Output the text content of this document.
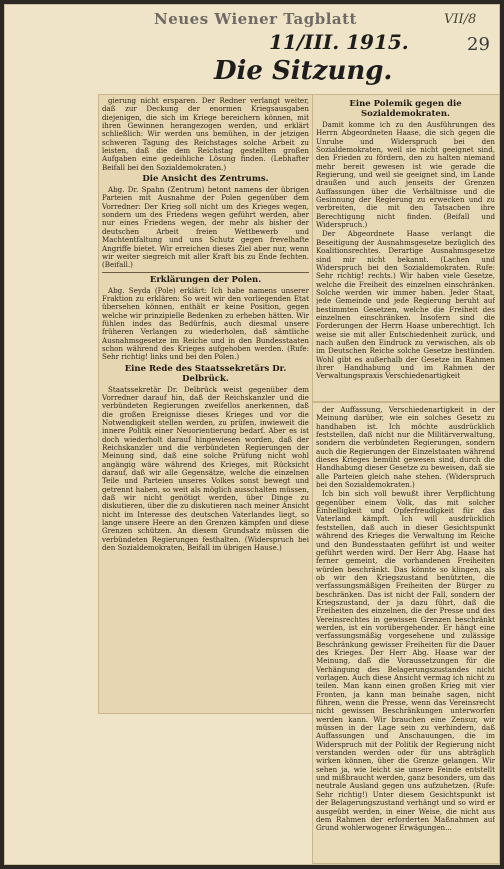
Neues Wiener Tagblatt	VII/8
11/III. 1915.	29
Die Sitzung.

gierung nicht ersparen. Der Redner verlangt weiter, daß zur Deckung der enormen Kriegsausgaben diejenigen, die sich im Kriege bereichern können, mit ihren Gewinnen herangezogen werden, und erklärt schließlich: Wir werden uns bemühen, in der jetzigen schweren Tagung des Reichstages solche Arbeit zu leisten, daß die dem Reichstag gestellten großen Aufgaben eine gedeihliche Lösung finden. (Lebhafter Beifall bei den Sozialdemokraten.)

Die Ansicht des Zentrums.

Abg. Dr. Spahn (Zentrum) betont namens der übrigen Parteien mit Ausnahme der Polen gegenüber dem Vorredner: Der Krieg soll nicht um des Krieges wegen, sondern um des Friedens wegen geführt werden, aber nur eines Friedens wegen, der mehr als bisher der deutschen Arbeit freien Wettbewerb und Machtentfaltung und uns Schutz gegen frevelhafte Angriffe bietet. Wir erreichen dieses Ziel aber nur, wenn wir weiter siegreich mit aller Kraft bis zu Ende fechten. (Beifall.)

Erklärungen der Polen.

Abg. Seyda (Pole) erklärt: Ich habe namens unserer Fraktion zu erklären: So weit wir den vorliegenden Etat übersehen können, enthält er keine Position, gegen welche wir prinzipielle Bedenken zu erheben hätten. Wir fühlen indes das Bedürfnis, auch diesmal unsere früheren Verlangen zu wiederholen, daß sämtliche Ausnahmsgesetze im Reiche und in den Bundesstaaten schon während des Krieges aufgehoben werden. (Rufe: Sehr richtig! links und bei den Polen.)

Eine Rede des Staatssekretärs Dr. Delbrück.

Staatssekretär Dr. Delbrück weist gegenüber dem Vorredner darauf hin, daß der Reichskanzler und die verbündeten Regierungen zweifellos anerkennen, daß die großen Ereignisse dieses Krieges und vor die Notwendigkeit stellen werden, zu prüfen, inwieweit die innere Politik einer Neuorientierung bedarf. Aber es ist doch wiederholt darauf hingewiesen worden, daß der Reichskanzler und die verbündeten Regierungen der Meinung sind, daß eine solche Prüfung nicht wohl angängig wäre während des Krieges, mit Rücksicht darauf, daß wir alle Gegensätze, welche die einzelnen Teile und Parteien unseres Volkes sonst bewegt und getrennt haben, so weit als möglich ausschalten müssen, daß wir nicht genötigt werden, über Dinge zu diskutieren, über die zu diskutieren nach meiner Ansicht nicht im Interesse des deutschen Vaterlandes liegt, so lange unsere Heere an den Grenzen kämpfen und diese Grenzen schützen. An diesem Grundsatz müssen die verbündeten Regierungen festhalten. (Widerspruch bei den Sozialdemokraten, Beifall im übrigen Hause.)

Eine Polemik gegen die Sozialdemokraten.

Damit komme ich zu den Ausführungen des Herrn Abgeordneten Haase, die sich gegen die Unruhe und Widerspruch bei den Sozialdemokraten, weil sie nicht geeignet sind, den Frieden zu fördern, den zu halten niemand mehr bereit gewesen ist wie gerade die Regierung, und weil sie geeignet sind, im Lande draußen und auch jenseits der Grenzen Auffassungen über die Verhältnisse und die Gesinnung der Regierung zu erwecken und zu verbreiten, die mit den Tatsachen ihre Berechtigung nicht finden. (Beifall und Widerspruch.)

Der Abgeordnete Haase verlangt die Beseitigung der Ausnahmsgesetze bezüglich des Koalitionsrechtes. Derartige Ausnahmsgesetze sind mir nicht bekannt. (Lachen und Widerspruch bei den Sozialdemokraten. Rufe: Sehr richtig! rechts.) Wir haben viele Gesetze, welche die Freiheit des einzelnen einschränken. Solche werden wir immer haben. Jeder Staat, jede Gemeinde und jede Regierung beruht auf bestimmten Gesetzen, welche die Freiheit des einzelnen einschränken. Insofern sind die Forderungen der Herrn Haase unberechtigt. Ich weise sie mit aller Entschiedenheit zurück, und nach außen den Eindruck zu verwischen, als ob im Deutschen Reiche solche Gesetze bestünden. Wohl gibt es außerhalb der Gesetze im Rahmen ihrer Handhabung und im Rahmen der Verwaltungspraxis Verschiedenartigkeit

der Auffassung, Verschiedenartigkeit in der Meinung darüber, wie ein solches Gesetz zu handhaben ist. Ich möchte ausdrücklich feststellen, daß nicht nur die Militärverwaltung, sondern die verbündeten Regierungen, sondern auch die Regierungen der Einzelstaaten während dieses Krieges bemüht gewesen sind, durch die Handhabung dieser Gesetze zu beweisen, daß sie alle Parteien gleich nahe stehen. (Widerspruch bei den Sozialdemokraten.)

Ich bin sich voll bewußt ihrer Verpflichtung gegenüber einem Volk, das mit solcher Einhelligkeit und Opferfreudigkeit für das Vaterland kämpft. Ich will ausdrücklich feststellen, daß auch in dieser Gesichtspunkt während des Krieges die Verwaltung im Reiche und den Bundesstaaten geführt ist und weiter geführt werden wird. Der Herr Abg. Haase hat ferner gemeint, die vorhandenen Freiheiten würden beschränkt. Das könnte so klingen, als ob wir den Kriegszustand benützten, die verfassungsmäßigen Freiheiten der Bürger zu beschränken. Das ist nicht der Fall, sondern der Kriegszustand, der ja dazu führt, daß die Freiheiten des einzelnen, die der Presse und des Vereinsrechtes in gewissen Grenzen beschränkt werden, ist ein vorübergehender. Er hängt eine verfassungsmäßig vorgesehene und zulässige Beschränkung gewisser Freiheiten für die Dauer des Krieges. Der Herr Abg. Haase war der Meinung, daß die Voraussetzungen für die Verhängung des Belagerungszustandes nicht vorlagen. Auch diese Ansicht vermag ich nicht zu teilen. Man kann einen großen Krieg mit vier Fronten, ja kann man beinahe sagen, nicht führen, wenn die Presse, wenn das Vereinsrecht nicht gewissen Beschränkungen unterworfen werden kann. Wir brauchen eine Zensur, wir müssen in der Lage sein zu verhindern, daß Auffassungen und Anschauungen, die im Widerspruch mit der Politik der Regierung nicht verstanden werden oder für uns abträglich wirken können, über die Grenze gelangen. Wir sehen ja, wie leicht sie unsere Feinde entstellt und mißbraucht werden, ganz besonders, um das neutrale Ausland gegen uns aufzuhetzen. (Rufe: Sehr richtig!) Unter diesem Gesichtspunkt ist der Belagerungszustand verhängt und so wird er ausgeübt werden, in einer Weise, die nicht aus dem Rahmen der erforderten Maßnahmen auf Grund wohlerwogener Erwägungen...
